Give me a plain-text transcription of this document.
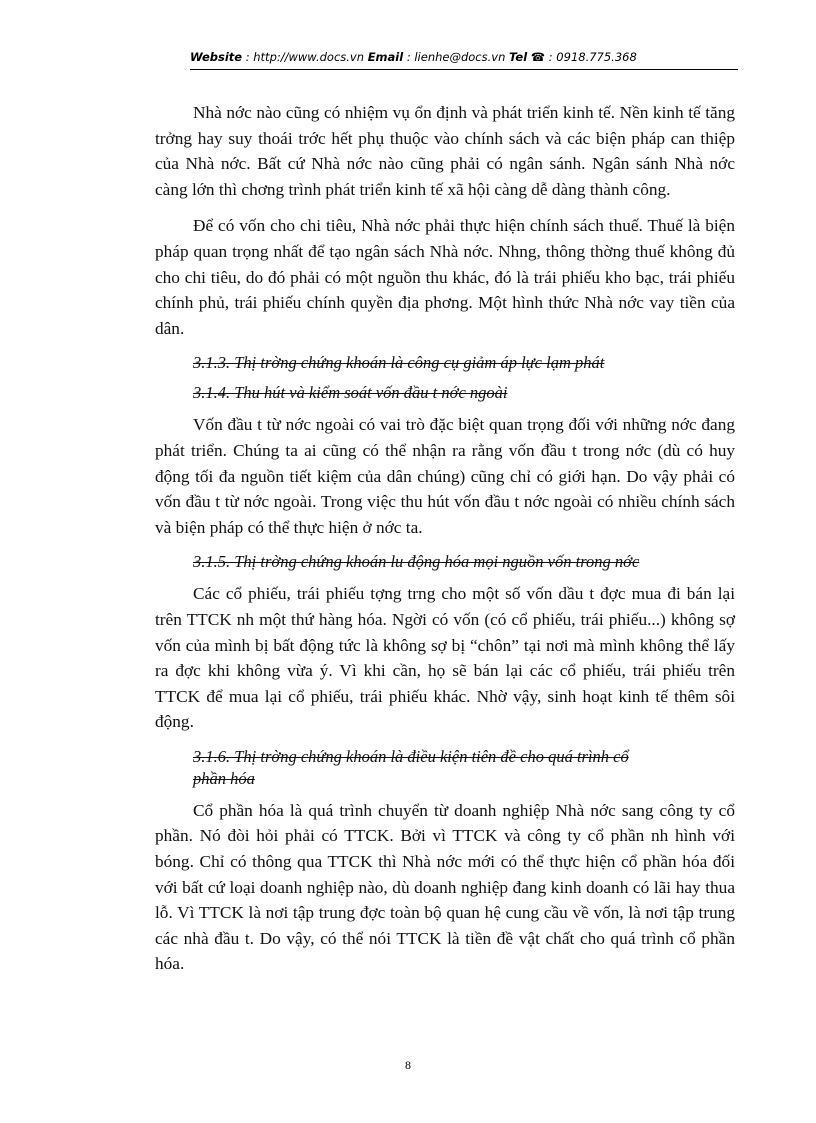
Website : http://www.docs.vn Email : lienhe@docs.vn Tel ☎ : 0918.775.368

Nhà nớc nào cũng có nhiệm vụ ổn định và phát triển kinh tế. Nền kinh tế tăng trởng hay suy thoái trớc hết phụ thuộc vào chính sách và các biện pháp can thiệp của Nhà nớc. Bất cứ Nhà nớc nào cũng phải có ngân sánh. Ngân sánh Nhà nớc càng lớn thì chơng trình phát triển kinh tế xã hội càng dễ dàng thành công.

Để có vốn cho chi tiêu, Nhà nớc phải thực hiện chính sách thuế. Thuế là biện pháp quan trọng nhất để tạo ngân sách Nhà nớc. Nhng, thông thờng thuế không đủ cho chi tiêu, do đó phải có một nguồn thu khác, đó là trái phiếu kho bạc, trái phiếu chính phủ, trái phiếu chính quyền địa phơng. Một hình thức Nhà nớc vay tiền của dân.

3.1.3. Thị trờng chứng khoán là công cụ giảm áp lực lạm phát
3.1.4. Thu hút và kiểm soát vốn đầu t nớc ngoài

Vốn đầu t từ nớc ngoài có vai trò đặc biệt quan trọng đối với những nớc đang phát triển. Chúng ta ai cũng có thể nhận ra rằng vốn đầu t trong nớc (dù có huy động tối đa nguồn tiết kiệm của dân chúng) cũng chỉ có giới hạn. Do vậy phải có vốn đầu t từ nớc ngoài. Trong việc thu hút vốn đầu t nớc ngoài có nhiều chính sách và biện pháp có thể thực hiện ở nớc ta.

3.1.5. Thị trờng chứng khoán lu động hóa mọi nguồn vốn trong nớc

Các cổ phiếu, trái phiếu tợng trng cho một số vốn dầu t đợc mua đi bán lại trên TTCK nh một thứ hàng hóa. Ngời có vốn (có cổ phiếu, trái phiếu...) không sợ vốn của mình bị bất động tức là không sợ bị “chôn” tại nơi mà mình không thể lấy ra đợc khi không vừa ý. Vì khi cần, họ sẽ bán lại các cổ phiếu, trái phiếu trên TTCK để mua lại cổ phiếu, trái phiếu khác. Nhờ vậy, sinh hoạt kinh tế thêm sôi động.

3.1.6. Thị trờng chứng khoán là điều kiện tiên đề cho quá trình cổ phần hóa

Cổ phần hóa là quá trình chuyển từ doanh nghiệp Nhà nớc sang công ty cổ phần. Nó đòi hỏi phải có TTCK. Bởi vì TTCK và công ty cổ phần nh hình với bóng. Chỉ có thông qua TTCK thì Nhà nớc mới có thể thực hiện cổ phần hóa đối với bất cứ loại doanh nghiệp nào, dù doanh nghiệp đang kinh doanh có lãi hay thua lỗ. Vì TTCK là nơi tập trung đợc toàn bộ quan hệ cung cầu về vốn, là nơi tập trung các nhà đầu t. Do vậy, có thể nói TTCK là tiền đề vật chất cho quá trình cổ phần hóa.

8
